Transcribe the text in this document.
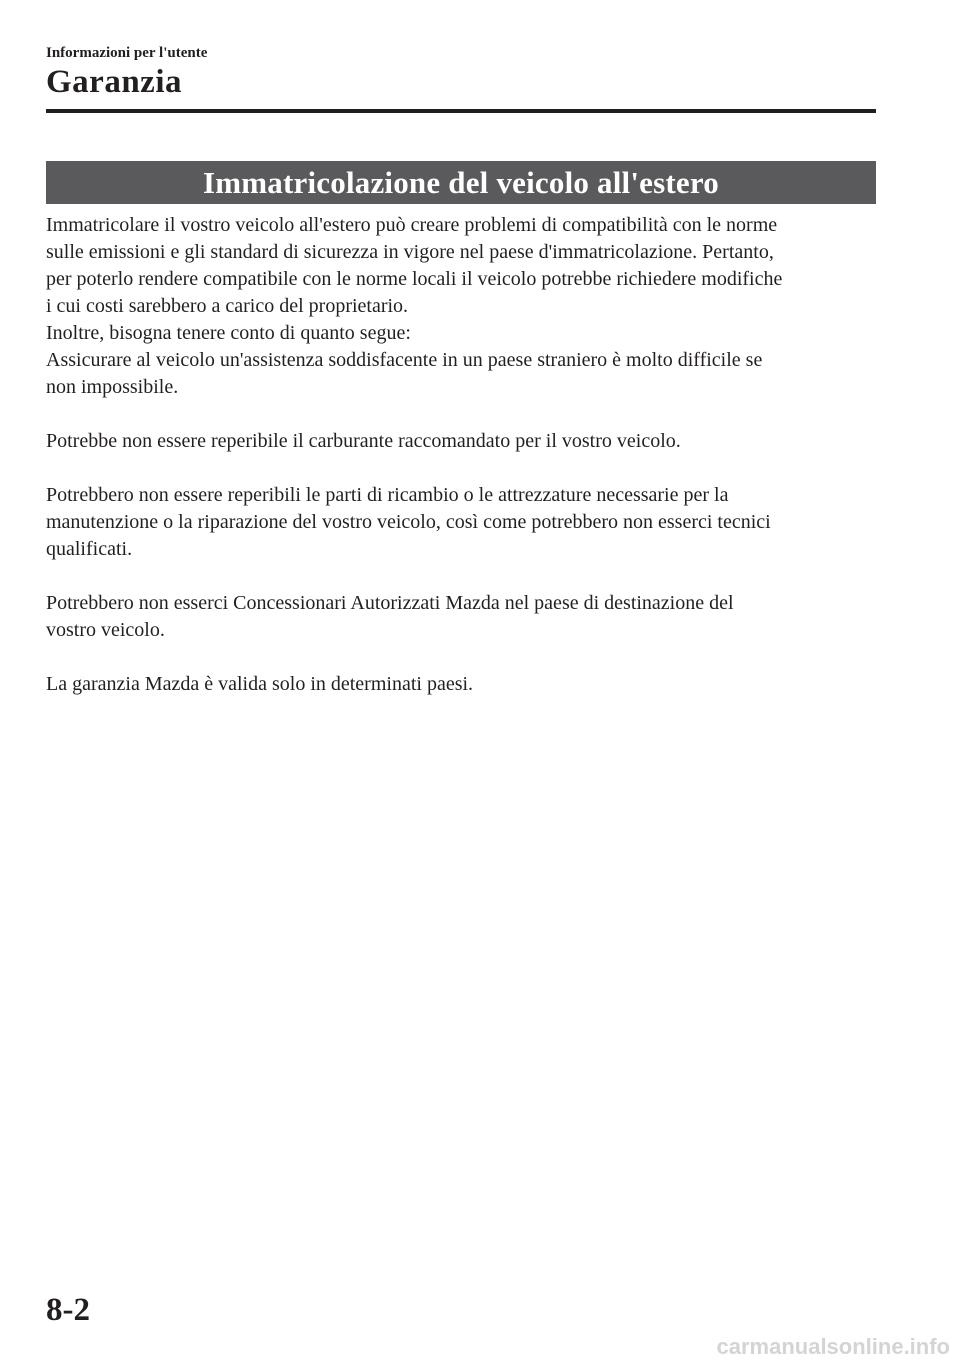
Informazioni per l'utente
Garanzia
Immatricolazione del veicolo all'estero
Immatricolare il vostro veicolo all'estero può creare problemi di compatibilità con le norme
sulle emissioni e gli standard di sicurezza in vigore nel paese d'immatricolazione. Pertanto,
per poterlo rendere compatibile con le norme locali il veicolo potrebbe richiedere modifiche
i cui costi sarebbero a carico del proprietario.
Inoltre, bisogna tenere conto di quanto segue:
Assicurare al veicolo un'assistenza soddisfacente in un paese straniero è molto difficile se
non impossibile.
Potrebbe non essere reperibile il carburante raccomandato per il vostro veicolo.
Potrebbero non essere reperibili le parti di ricambio o le attrezzature necessarie per la
manutenzione o la riparazione del vostro veicolo, così come potrebbero non esserci tecnici
qualificati.
Potrebbero non esserci Concessionari Autorizzati Mazda nel paese di destinazione del
vostro veicolo.
La garanzia Mazda è valida solo in determinati paesi.
8-2
carmanualsonline.info
